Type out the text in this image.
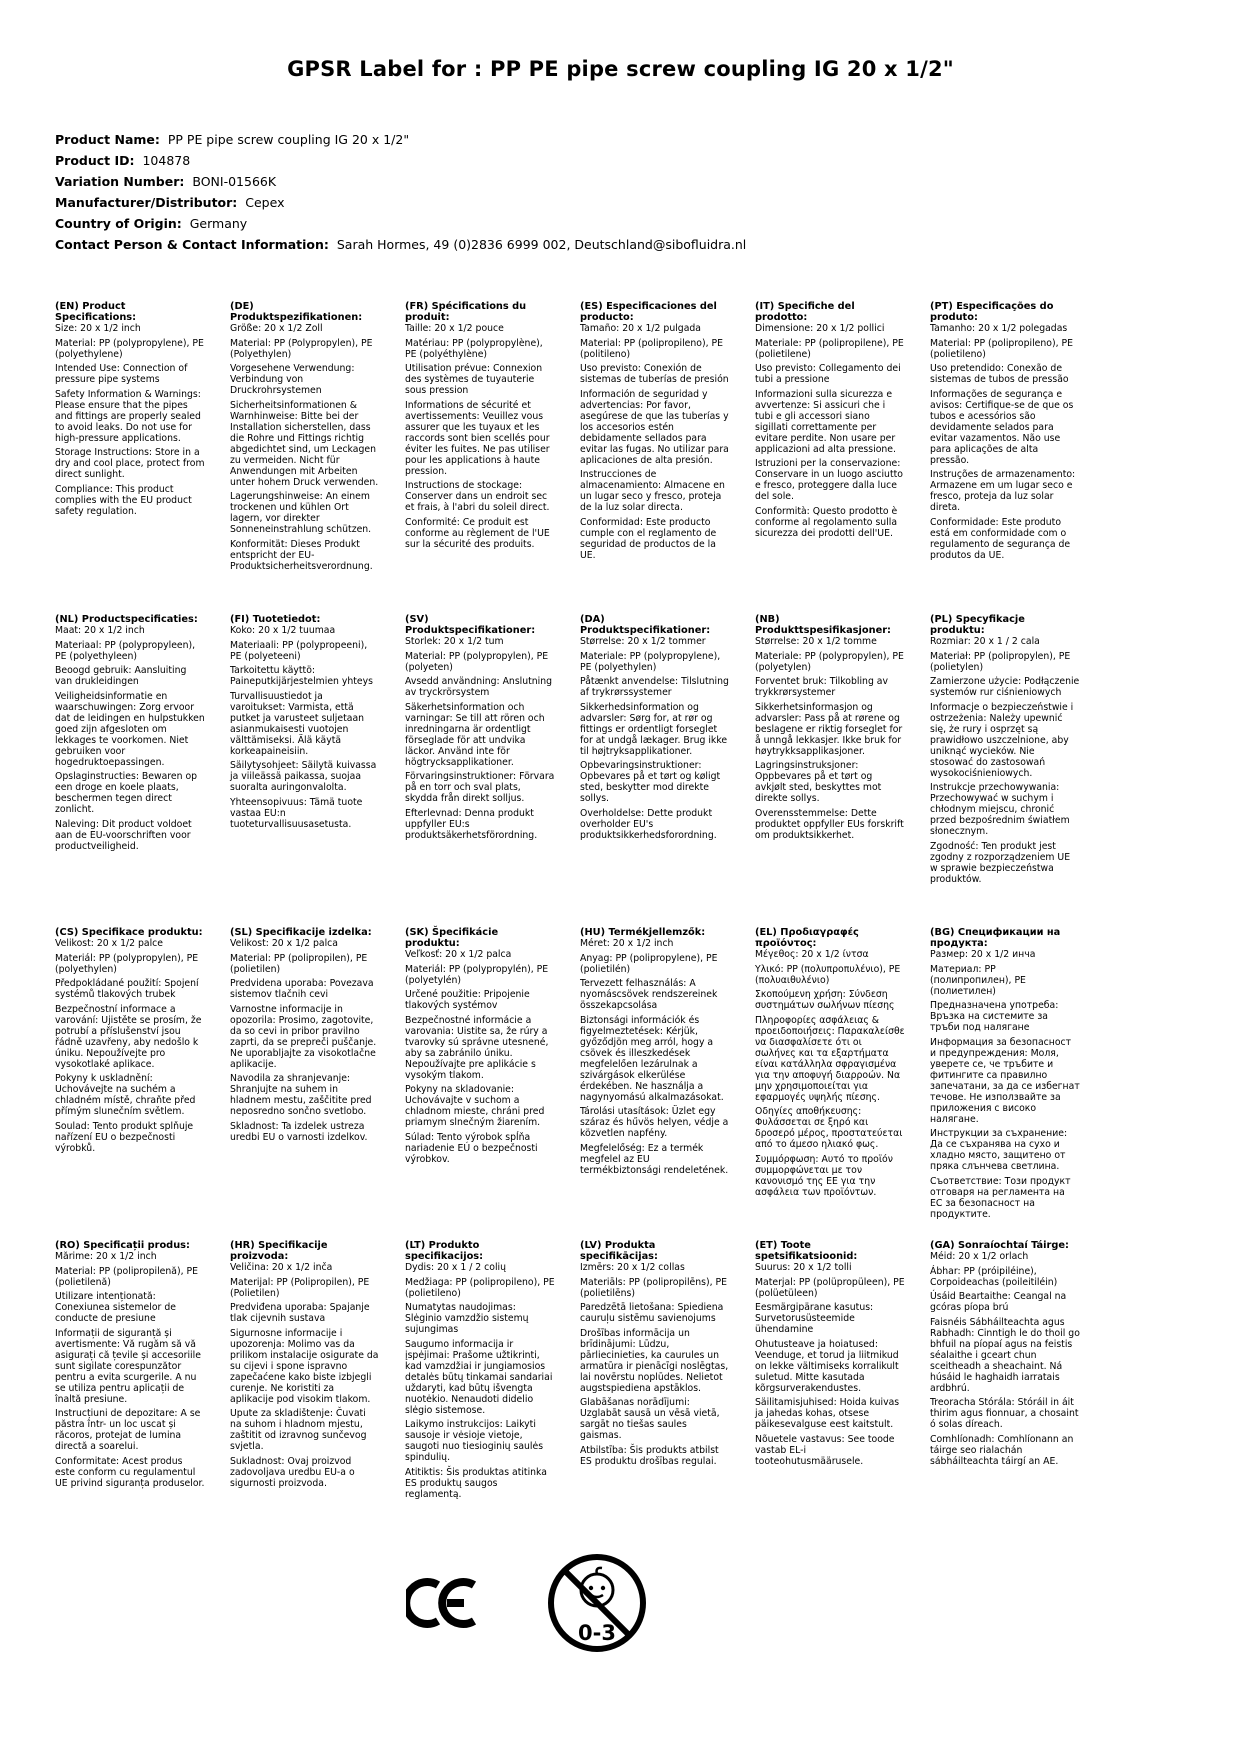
GPSR Label for : PP PE pipe screw coupling IG 20 x 1/2"
Product Name:  PP PE pipe screw coupling IG 20 x 1/2"
Product ID:  104878
Variation Number:  BONI-01566K
Manufacturer/Distributor:  Cepex
Country of Origin:  Germany
Contact Person & Contact Information:  Sarah Hormes, 49 (0)2836 6999 002, Deutschland@sibofluidra.nl
(EN) Product Specifications:

Size: 20 x 1/2 inch

Material: PP (polypropylene), PE (polyethylene)

Intended Use: Connection of pressure pipe systems

Safety Information & Warnings: Please ensure that the pipes and fittings are properly sealed to avoid leaks. Do not use for high-pressure applications.

Storage Instructions: Store in a dry and cool place, protect from direct sunlight.

Compliance: This product complies with the EU product safety regulation.

(DE) Produktspezifikationen:

Größe: 20 x 1/2 Zoll

Material: PP (Polypropylen), PE (Polyethylen)

Vorgesehene Verwendung: Verbindung von Druckrohrsystemen

Sicherheitsinformationen & Warnhinweise: Bitte bei der Installation sicherstellen, dass die Rohre und Fittings richtig abgedichtet sind, um Leckagen zu vermeiden. Nicht für Anwendungen mit Arbeiten unter hohem Druck verwenden.

Lagerungshinweise: An einem trockenen und kühlen Ort lagern, vor direkter Sonneneinstrahlung schützen.

Konformität: Dieses Produkt entspricht der EU-Produktsicherheitsverordnung.

(FR) Spécifications du produit:

Taille: 20 x 1/2 pouce

Matériau: PP (polypropylène), PE (polyéthylène)

Utilisation prévue: Connexion des systèmes de tuyauterie sous pression

Informations de sécurité et avertissements: Veuillez vous assurer que les tuyaux et les raccords sont bien scellés pour éviter les fuites. Ne pas utiliser pour les applications à haute pression.

Instructions de stockage: Conserver dans un endroit sec et frais, à l'abri du soleil direct.

Conformité: Ce produit est conforme au règlement de l'UE sur la sécurité des produits.

(ES) Especificaciones del producto:

Tamaño: 20 x 1/2 pulgada

Material: PP (polipropileno), PE (politileno)

Uso previsto: Conexión de sistemas de tuberías de presión

Información de seguridad y advertencias: Por favor, asegúrese de que las tuberías y los accesorios estén debidamente sellados para evitar las fugas. No utilizar para aplicaciones de alta presión.

Instrucciones de almacenamiento: Almacene en un lugar seco y fresco, proteja de la luz solar directa.

Conformidad: Este producto cumple con el reglamento de seguridad de productos de la UE.

(IT) Specifiche del prodotto:

Dimensione: 20 x 1/2 pollici

Materiale: PP (polipropilene), PE (polietilene)

Uso previsto: Collegamento dei tubi a pressione

Informazioni sulla sicurezza e avvertenze: Si assicuri che i tubi e gli accessori siano sigillati correttamente per evitare perdite. Non usare per applicazioni ad alta pressione.

Istruzioni per la conservazione: Conservare in un luogo asciutto e fresco, proteggere dalla luce del sole.

Conformità: Questo prodotto è conforme al regolamento sulla sicurezza dei prodotti dell'UE.

(PT) Especificações do produto:

Tamanho: 20 x 1/2 polegadas

Material: PP (polipropileno), PE (polietileno)

Uso pretendido: Conexão de sistemas de tubos de pressão

Informações de segurança e avisos: Certifique-se de que os tubos e acessórios são devidamente selados para evitar vazamentos. Não use para aplicações de alta pressão.

Instruções de armazenamento: Armazene em um lugar seco e fresco, proteja da luz solar direta.

Conformidade: Este produto está em conformidade com o regulamento de segurança de produtos da UE.

(NL) Productspecificaties:

Maat: 20 x 1/2 inch

Materiaal: PP (polypropyleen), PE (polyethyleen)

Beoogd gebruik: Aansluiting van drukleidingen

Veiligheidsinformatie en waarschuwingen: Zorg ervoor dat de leidingen en hulpstukken goed zijn afgesloten om lekkages te voorkomen. Niet gebruiken voor hogedruktoepassingen.

Opslaginstructies: Bewaren op een droge en koele plaats, beschermen tegen direct zonlicht.

Naleving: Dit product voldoet aan de EU-voorschriften voor productveiligheid.

(FI) Tuotetiedot:

Koko: 20 x 1/2 tuumaa

Materiaali: PP (polypropeeni), PE (polyeteeni)

Tarkoitettu käyttö: Paineputkijärjestelmien yhteys

Turvallisuustiedot ja varoitukset: Varmista, että putket ja varusteet suljetaan asianmukaisesti vuotojen välttämiseksi. Älä käytä korkeapaineisiin.

Säilytysohjeet: Säilytä kuivassa ja viileässä paikassa, suojaa suoralta auringonvalolta.

Yhteensopivuus: Tämä tuote vastaa EU:n tuoteturvallisuusasetusta.

(SV) Produktspecifikationer:

Storlek: 20 x 1/2 tum

Material: PP (polypropylen), PE (polyeten)

Avsedd användning: Anslutning av tryckrörsystem

Säkerhetsinformation och varningar: Se till att rören och inredningarna är ordentligt förseglade för att undvika läckor. Använd inte för högtrycksapplikationer.

Förvaringsinstruktioner: Förvara på en torr och sval plats, skydda från direkt solljus.

Efterlevnad: Denna produkt uppfyller EU:s produktsäkerhetsförordning.

(DA) Produktspecifikationer:

Størrelse: 20 x 1/2 tommer

Materiale: PP (polypropylene), PE (polyethylen)

Påtænkt anvendelse: Tilslutning af trykrørssystemer

Sikkerhedsinformation og advarsler: Sørg for, at rør og fittings er ordentligt forseglet for at undgå lækager. Brug ikke til højtryksapplikationer.

Opbevaringsinstruktioner: Opbevares på et tørt og køligt sted, beskytter mod direkte sollys.

Overholdelse: Dette produkt overholder EU's produktsikkerhedsforordning.

(NB) Produkttspesifikasjoner:

Størrelse: 20 x 1/2 tomme

Materiale: PP (polypropylen), PE (polyetylen)

Forventet bruk: Tilkobling av trykkrørsystemer

Sikkerhetsinformasjon og advarsler: Pass på at rørene og beslagene er riktig forseglet for å unngå lekkasjer. Ikke bruk for høytrykksapplikasjoner.

Lagringsinstruksjoner: Oppbevares på et tørt og avkjølt sted, beskyttes mot direkte sollys.

Overensstemmelse: Dette produktet oppfyller EUs forskrift om produktsikkerhet.

(PL) Specyfikacje produktu:

Rozmiar: 20 x 1 / 2 cala

Materiał: PP (polipropylen), PE (polietylen)

Zamierzone użycie: Podłączenie systemów rur ciśnieniowych

Informacje o bezpieczeństwie i ostrzeżenia: Należy upewnić się, że rury i osprzęt są prawidłowo uszczelnione, aby uniknąć wycieków. Nie stosować do zastosowań wysokociśnieniowych.

Instrukcje przechowywania: Przechowywać w suchym i chłodnym miejscu, chronić przed bezpośrednim światłem słonecznym.

Zgodność: Ten produkt jest zgodny z rozporządzeniem UE w sprawie bezpieczeństwa produktów.

(CS) Specifikace produktu:

Velikost: 20 x 1/2 palce

Materiál: PP (polypropylen), PE (polyethylen)

Předpokládané použití: Spojení systémů tlakových trubek

Bezpečnostní informace a varování: Ujistěte se prosím, že potrubí a příslušenství jsou řádně uzavřeny, aby nedošlo k úniku. Nepoužívejte pro vysokotlaké aplikace.

Pokyny k uskladnění: Uchovávejte na suchém a chladném místě, chraňte před přímým slunečním světlem.

Soulad: Tento produkt splňuje nařízení EU o bezpečnosti výrobků.

(SL) Specifikacije izdelka:

Velikost: 20 x 1/2 palca

Material: PP (polipropilen), PE (polietilen)

Predvidena uporaba: Povezava sistemov tlačnih cevi

Varnostne informacije in opozorila: Prosimo, zagotovite, da so cevi in pribor pravilno zaprti, da se prepreči puščanje. Ne uporabljajte za visokotlačne aplikacije.

Navodila za shranjevanje: Shranjujte na suhem in hladnem mestu, zaščitite pred neposredno sončno svetlobo.

Skladnost: Ta izdelek ustreza uredbi EU o varnosti izdelkov.

(SK) Špecifikácie produktu:

Veľkosť: 20 x 1/2 palca

Materiál: PP (polypropylén), PE (polyetylén)

Určené použitie: Pripojenie tlakových systémov

Bezpečnostné informácie a varovania: Uistite sa, že rúry a tvarovky sú správne utesnené, aby sa zabránilo úniku. Nepoužívajte pre aplikácie s vysokým tlakom.

Pokyny na skladovanie: Uchovávajte v suchom a chladnom mieste, chráni pred priamym slnečným žiarením.

Súlad: Tento výrobok spĺňa nariadenie EÚ o bezpečnosti výrobkov.

(HU) Termékjellemzők:

Méret: 20 x 1/2 inch

Anyag: PP (polipropylene), PE (polietilén)

Tervezett felhasználás: A nyomáscsövek rendszereinek összekapcsolása

Biztonsági információk és figyelmeztetések: Kérjük, győződjön meg arról, hogy a csövek és illeszkedések megfelelően lezárulnak a szivárgások elkerülése érdekében. Ne használja a nagynyomású alkalmazásokat.

Tárolási utasítások: Üzlet egy száraz és hűvös helyen, védje a közvetlen napfény.

Megfelelőség: Ez a termék megfelel az EU termékbiztonsági rendeletének.

(EL) Προδιαγραφές προϊόντος:

Μέγεθος: 20 x 1/2 ίντσα

Υλικό: PP (πολυπροπυλένιο), PE (πολυαιθυλένιο)

Σκοπούμενη χρήση: Σύνδεση συστημάτων σωλήνων πίεσης

Πληροφορίες ασφάλειας & προειδοποιήσεις: Παρακαλείσθε να διασφαλίσετε ότι οι σωλήνες και τα εξαρτήματα είναι κατάλληλα σφραγισμένα για την αποφυγή διαρροών. Να μην χρησιμοποιείται για εφαρμογές υψηλής πίεσης.

Οδηγίες αποθήκευσης: Φυλάσσεται σε ξηρό και δροσερό μέρος, προστατεύεται από το άμεσο ηλιακό φως.

Συμμόρφωση: Αυτό το προϊόν συμμορφώνεται με τον κανονισμό της ΕΕ για την ασφάλεια των προϊόντων.

(BG) Спецификации на продукта:

Размер: 20 x 1/2 инча

Материал: PP (полипропилен), PE (полиетилен)

Предназначена употреба: Връзка на системите за тръби под налягане

Информация за безопасност и предупреждения: Моля, уверете се, че тръбите и фитингите са правилно запечатани, за да се избегнат течове. Не използвайте за приложения с високо налягане.

Инструкции за съхранение: Да се съхранява на сухо и хладно място, защитено от пряка слънчева светлина.

Съответствие: Този продукт отговаря на регламента на ЕС за безопасност на продуктите.

(RO) Specificații produs:

Mărime: 20 x 1/2 inch

Material: PP (polipropilenă), PE (polietilenă)

Utilizare intenționată: Conexiunea sistemelor de conducte de presiune

Informații de siguranță și avertismente: Vă rugăm să vă asigurați că țevile și accesoriile sunt sigilate corespunzător pentru a evita scurgerile. A nu se utiliza pentru aplicații de înaltă presiune.

Instrucțiuni de depozitare: A se păstra într- un loc uscat și răcoros, protejat de lumina directă a soarelui.

Conformitate: Acest produs este conform cu regulamentul UE privind siguranța produselor.

(HR) Specifikacije proizvoda:

Veličina: 20 x 1/2 inča

Materijal: PP (Polipropilen), PE (Polietilen)

Predviđena uporaba: Spajanje tlak cijevnih sustava

Sigurnosne informacije i upozorenja: Molimo vas da prilikom instalacije osigurate da su cijevi i spone ispravno zapečaćene kako biste izbjegli curenje. Ne koristiti za aplikacije pod visokim tlakom.

Upute za skladištenje: Čuvati na suhom i hladnom mjestu, zaštitit od izravnog sunčevog svjetla.

Sukladnost: Ovaj proizvod zadovoljava uredbu EU-a o sigurnosti proizvoda.

(LT) Produkto specifikacijos:

Dydis: 20 x 1 / 2 colių

Medžiaga: PP (polipropileno), PE (polietileno)

Numatytas naudojimas: Slėginio vamzdžio sistemų sujungimas

Saugumo informacija ir įspėjimai: Prašome užtikrinti, kad vamzdžiai ir jungiamosios detalės būtų tinkamai sandariai uždaryti, kad būtų išvengta nuotėkio. Nenaudoti didelio slėgio sistemose.

Laikymo instrukcijos: Laikyti sausoje ir vėsioje vietoje, saugoti nuo tiesioginių saulės spindulių.

Atitiktis: Šis produktas atitinka ES produktų saugos reglamentą.

(LV) Produkta specifikācijas:

Izmērs: 20 x 1/2 collas

Materiāls: PP (polipropilēns), PE (polietilēns)

Paredzētā lietošana: Spiediena cauruļu sistēmu savienojums

Drošības informācija un brīdinājumi: Lūdzu, pārliecinieties, ka caurules un armatūra ir pienācīgi noslēgtas, lai novērstu noplūdes. Nelietot augstspiediena apstāklos.

Glabāšanas norādījumi: Uzglabāt sausā un vēsā vietā, sargāt no tiešas saules gaismas.

Atbilstība: Šis produkts atbilst ES produktu drošības regulai.

(ET) Toote spetsifikatsioonid:

Suurus: 20 x 1/2 tolli

Materjal: PP (polüpropüleen), PE (polüetüleen)

Eesmärgipärane kasutus: Survetorusüsteemide ühendamine

Ohutusteave ja hoiatused: Veenduge, et torud ja liitmikud on lekke vältimiseks korralikult suletud. Mitte kasutada kõrgsurverakendustes.

Säilitamisjuhised: Hoida kuivas ja jahedas kohas, otsese päikesevalguse eest kaitstult.

Nõuetele vastavus: See toode vastab EL-i tooteohutusmäärusele.

(GA) Sonraíochtaí Táirge:

Méid: 20 x 1/2 orlach

Ábhar: PP (próipiléine), Corpoideachas (poileitiléin)

Úsáid Beartaithe: Ceangal na gcóras píopa brú

Faisnéis Sábháilteachta agus Rabhadh: Cinntigh le do thoil go bhfuil na píopaí agus na feistis séalaithe i gceart chun sceitheadh a sheachaint. Ná húsáid le haghaidh iarratais ardbhrú.

Treoracha Stórála: Stóráil in áit thirim agus fionnuar, a chosaint ó solas díreach.

Comhlíonadh: Comhlíonann an táirge seo rialachán sábháilteachta táirgí an AE.

0-3
